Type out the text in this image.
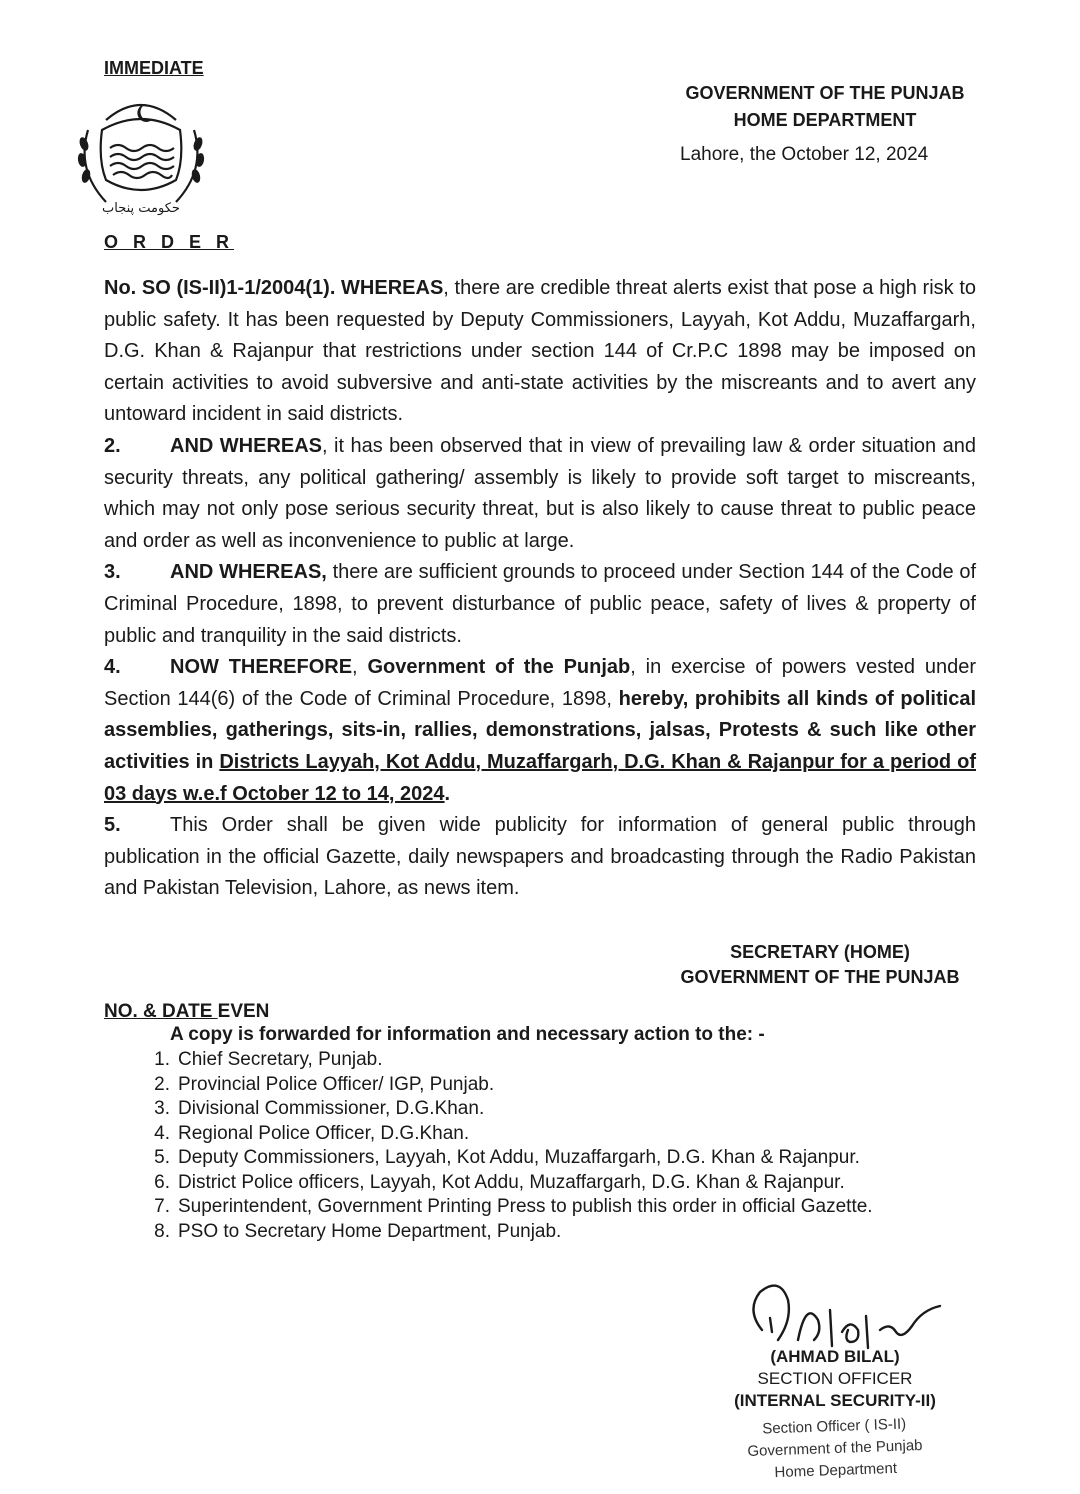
IMMEDIATE
GOVERNMENT OF THE PUNJAB
HOME DEPARTMENT
Lahore, the October 12, 2024
حکومت پنجاب
O R D E R

No. SO (IS-II)1-1/2004(1). WHEREAS, there are credible threat alerts exist that pose a high risk to public safety. It has been requested by Deputy Commissioners, Layyah, Kot Addu, Muzaffargarh, D.G. Khan & Rajanpur that restrictions under section 144 of Cr.P.C 1898 may be imposed on certain activities to avoid subversive and anti-state activities by the miscreants and to avert any untoward incident in said districts.

2. AND WHEREAS, it has been observed that in view of prevailing law & order situation and security threats, any political gathering/ assembly is likely to provide soft target to miscreants, which may not only pose serious security threat, but is also likely to cause threat to public peace and order as well as inconvenience to public at large.

3. AND WHEREAS, there are sufficient grounds to proceed under Section 144 of the Code of Criminal Procedure, 1898, to prevent disturbance of public peace, safety of lives & property of public and tranquility in the said districts.

4. NOW THEREFORE, Government of the Punjab, in exercise of powers vested under Section 144(6) of the Code of Criminal Procedure, 1898, hereby, prohibits all kinds of political assemblies, gatherings, sits-in, rallies, demonstrations, jalsas, Protests & such like other activities in Districts Layyah, Kot Addu, Muzaffargarh, D.G. Khan & Rajanpur for a period of 03 days w.e.f October 12 to 14, 2024.

5. This Order shall be given wide publicity for information of general public through publication in the official Gazette, daily newspapers and broadcasting through the Radio Pakistan and Pakistan Television, Lahore, as news item.

SECRETARY (HOME)
GOVERNMENT OF THE PUNJAB
NO. & DATE EVEN
A copy is forwarded for information and necessary action to the: -
1. Chief Secretary, Punjab.
2. Provincial Police Officer/ IGP, Punjab.
3. Divisional Commissioner, D.G.Khan.
4. Regional Police Officer, D.G.Khan.
5. Deputy Commissioners, Layyah, Kot Addu, Muzaffargarh, D.G. Khan & Rajanpur.
6. District Police officers, Layyah, Kot Addu, Muzaffargarh, D.G. Khan & Rajanpur.
7. Superintendent, Government Printing Press to publish this order in official Gazette.
8. PSO to Secretary Home Department, Punjab.
(AHMAD BILAL)
SECTION OFFICER
(INTERNAL SECURITY-II)
Section Officer ( IS-II)
Government of the Punjab
Home Department
